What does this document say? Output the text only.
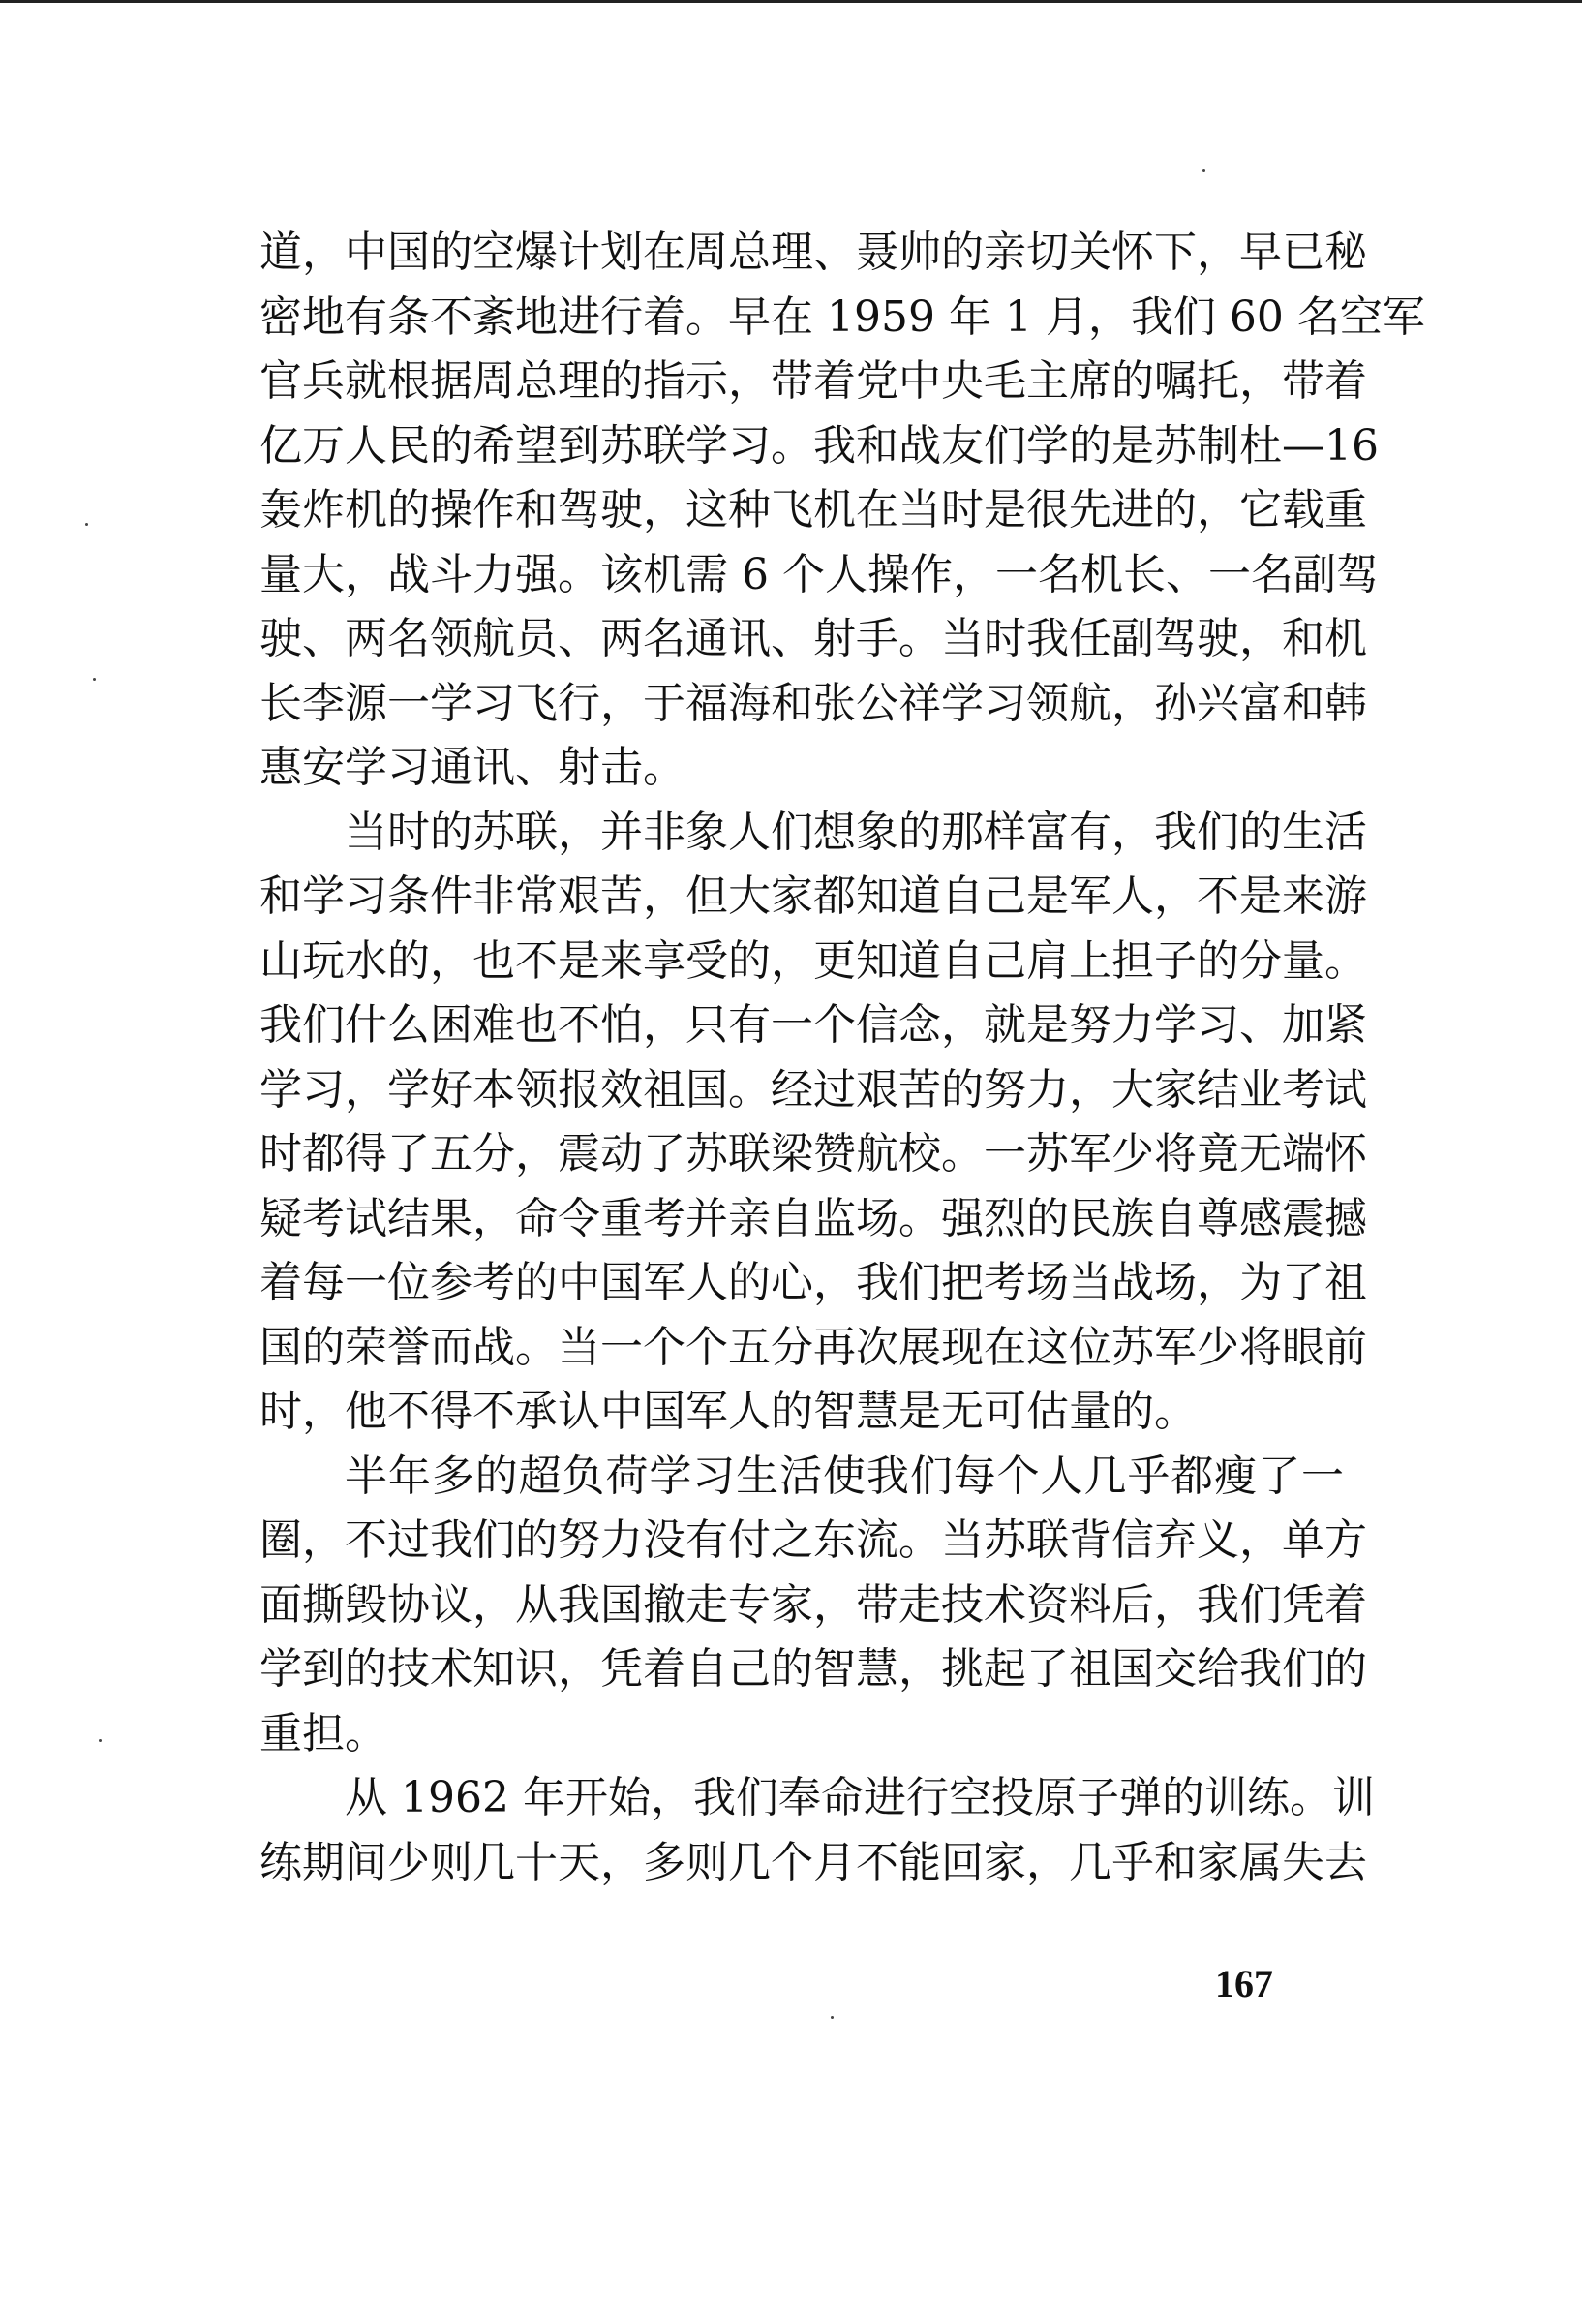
道，中国的空爆计划在周总理、聂帅的亲切关怀下，早已秘
密地有条不紊地进行着。早在 1959 年 1 月，我们 60 名空军
官兵就根据周总理的指示，带着党中央毛主席的嘱托，带着
亿万人民的希望到苏联学习。我和战友们学的是苏制杜—16
轰炸机的操作和驾驶，这种飞机在当时是很先进的，它载重
量大，战斗力强。该机需 6 个人操作，一名机长、一名副驾
驶、两名领航员、两名通讯、射手。当时我任副驾驶，和机
长李源一学习飞行，于福海和张公祥学习领航，孙兴富和韩
惠安学习通讯、射击。
当时的苏联，并非象人们想象的那样富有，我们的生活
和学习条件非常艰苦，但大家都知道自己是军人，不是来游
山玩水的，也不是来享受的，更知道自己肩上担子的分量。
我们什么困难也不怕，只有一个信念，就是努力学习、加紧
学习，学好本领报效祖国。经过艰苦的努力，大家结业考试
时都得了五分，震动了苏联梁赞航校。一苏军少将竟无端怀
疑考试结果，命令重考并亲自监场。强烈的民族自尊感震撼
着每一位参考的中国军人的心，我们把考场当战场，为了祖
国的荣誉而战。当一个个五分再次展现在这位苏军少将眼前
时，他不得不承认中国军人的智慧是无可估量的。
半年多的超负荷学习生活使我们每个人几乎都瘦了一
圈，不过我们的努力没有付之东流。当苏联背信弃义，单方
面撕毁协议，从我国撤走专家，带走技术资料后，我们凭着
学到的技术知识，凭着自己的智慧，挑起了祖国交给我们的
重担。
从 1962 年开始，我们奉命进行空投原子弹的训练。训
练期间少则几十天，多则几个月不能回家，几乎和家属失去
167
